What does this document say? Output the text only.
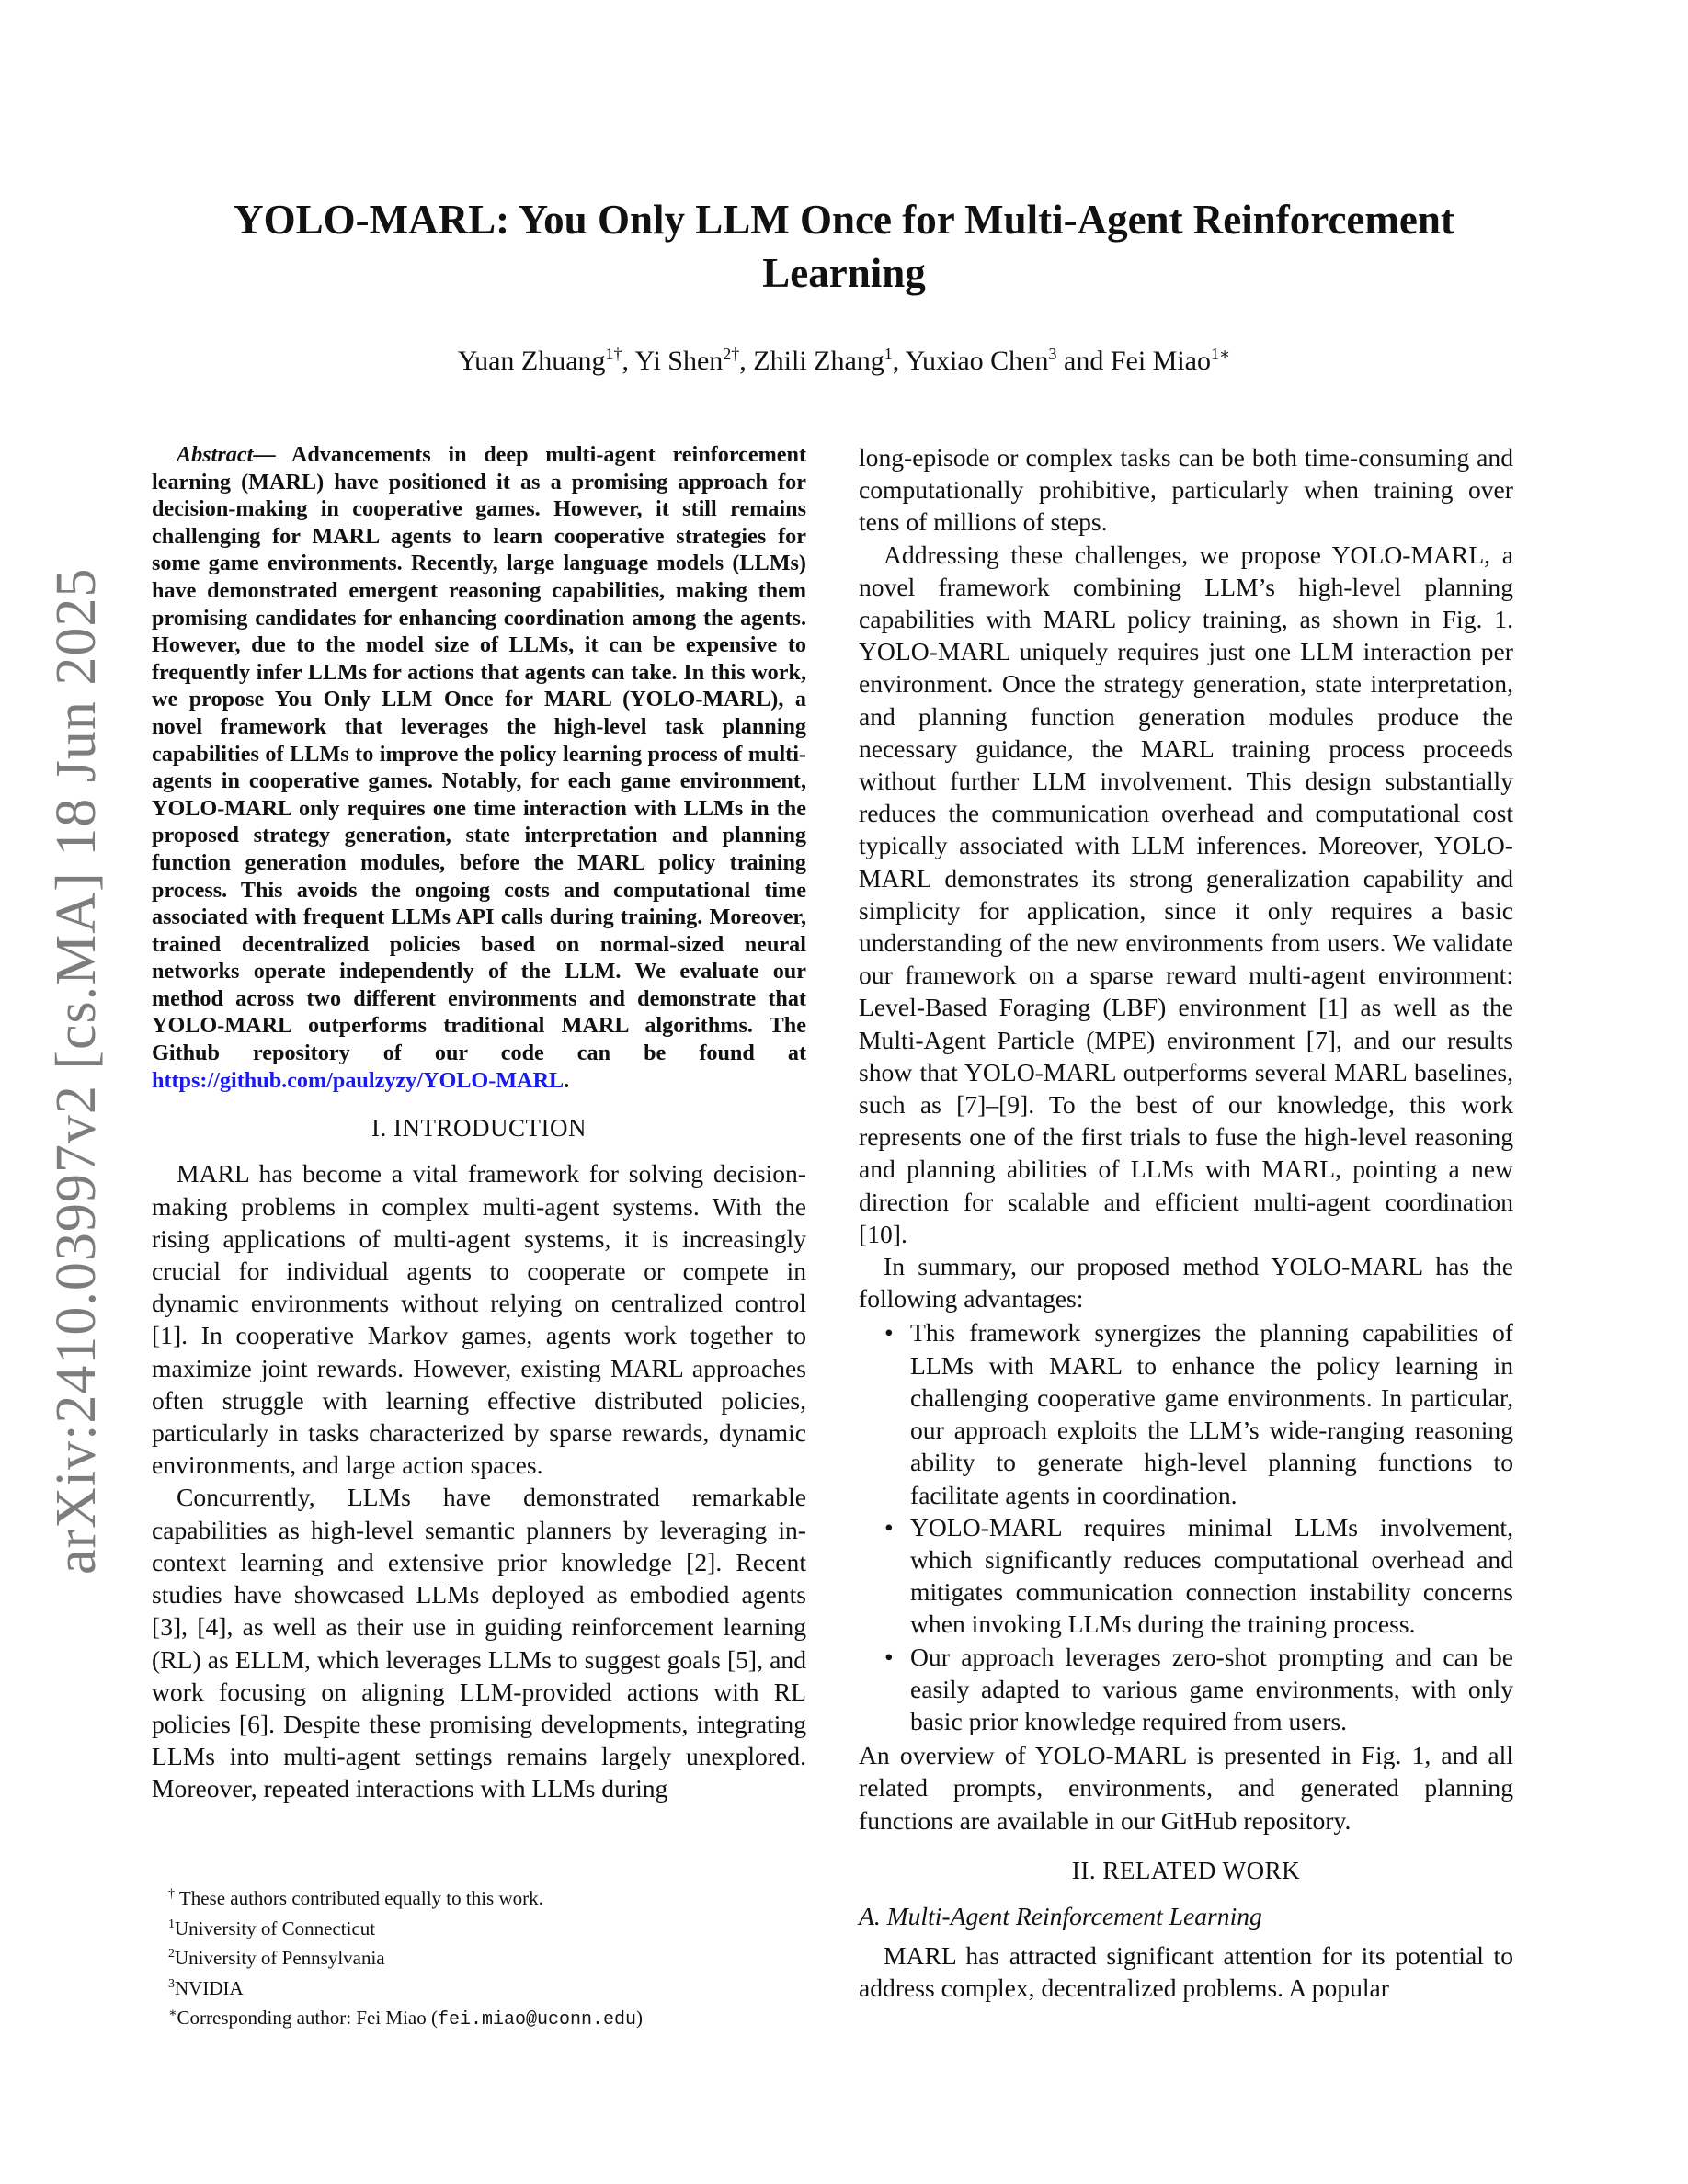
arXiv:2410.03997v2 [cs.MA] 18 Jun 2025
YOLO-MARL: You Only LLM Once for Multi-Agent Reinforcement Learning
Yuan Zhuang$^{1\dagger}$, Yi Shen$^{2\dagger}$, Zhili Zhang$^1$, Yuxiao Chen$^3$ and Fei Miao$^{1∗}$

Abstract— Advancements in deep multi-agent reinforcement learning (MARL) have positioned it as a promising approach for decision-making in cooperative games. However, it still remains challenging for MARL agents to learn cooperative strategies for some game environments. Recently, large language models (LLMs) have demonstrated emergent reasoning capabilities, making them promising candidates for enhancing coordination among the agents. However, due to the model size of LLMs, it can be expensive to frequently infer LLMs for actions that agents can take. In this work, we propose You Only LLM Once for MARL (YOLO-MARL), a novel framework that leverages the high-level task planning capabilities of LLMs to improve the policy learning process of multi-agents in cooperative games. Notably, for each game environment, YOLO-MARL only requires one time interaction with LLMs in the proposed strategy generation, state interpretation and planning function generation modules, before the MARL policy training process. This avoids the ongoing costs and computational time associated with frequent LLMs API calls during training. Moreover, trained decentralized policies based on normal-sized neural networks operate independently of the LLM. We evaluate our method across two different environments and demonstrate that YOLO-MARL outperforms traditional MARL algorithms. The Github repository of our code can be found at https://github.com/paulzyzy/YOLO-MARL.

I. INTRODUCTION

MARL has become a vital framework for solving decision-making problems in complex multi-agent systems. With the rising applications of multi-agent systems, it is increasingly crucial for individual agents to cooperate or compete in dynamic environments without relying on centralized control [1]. In cooperative Markov games, agents work together to maximize joint rewards. However, existing MARL approaches often struggle with learning effective distributed policies, particularly in tasks characterized by sparse rewards, dynamic environments, and large action spaces.

Concurrently, LLMs have demonstrated remarkable capabilities as high-level semantic planners by leveraging in-context learning and extensive prior knowledge [2]. Recent studies have showcased LLMs deployed as embodied agents [3], [4], as well as their use in guiding reinforcement learning (RL) as ELLM, which leverages LLMs to suggest goals [5], and work focusing on aligning LLM-provided actions with RL policies [6]. Despite these promising developments, integrating LLMs into multi-agent settings remains largely unexplored. Moreover, repeated interactions with LLMs during

long-episode or complex tasks can be both time-consuming and computationally prohibitive, particularly when training over tens of millions of steps.

Addressing these challenges, we propose YOLO-MARL, a novel framework combining LLM’s high-level planning capabilities with MARL policy training, as shown in Fig. 1. YOLO-MARL uniquely requires just one LLM interaction per environment. Once the strategy generation, state interpretation, and planning function generation modules produce the necessary guidance, the MARL training process proceeds without further LLM involvement. This design substantially reduces the communication overhead and computational cost typically associated with LLM inferences. Moreover, YOLO-MARL demonstrates its strong generalization capability and simplicity for application, since it only requires a basic understanding of the new environments from users. We validate our framework on a sparse reward multi-agent environment: Level-Based Foraging (LBF) environment [1] as well as the Multi-Agent Particle (MPE) environment [7], and our results show that YOLO-MARL outperforms several MARL baselines, such as [7]–[9]. To the best of our knowledge, this work represents one of the first trials to fuse the high-level reasoning and planning abilities of LLMs with MARL, pointing a new direction for scalable and efficient multi-agent coordination [10].

In summary, our proposed method YOLO-MARL has the following advantages:

• This framework synergizes the planning capabilities of LLMs with MARL to enhance the policy learning in challenging cooperative game environments. In particular, our approach exploits the LLM’s wide-ranging reasoning ability to generate high-level planning functions to facilitate agents in coordination.
• YOLO-MARL requires minimal LLMs involvement, which significantly reduces computational overhead and mitigates communication connection instability concerns when invoking LLMs during the training process.
• Our approach leverages zero-shot prompting and can be easily adapted to various game environments, with only basic prior knowledge required from users.

An overview of YOLO-MARL is presented in Fig. 1, and all related prompts, environments, and generated planning functions are available in our GitHub repository.

II. RELATED WORK
A. Multi-Agent Reinforcement Learning

MARL has attracted significant attention for its potential to address complex, decentralized problems. A popular

† These authors contributed equally to this work.
$^1$University of Connecticut
$^2$University of Pennsylvania
$^3$NVIDIA
∗Corresponding author: Fei Miao (fei.miao@uconn.edu)
